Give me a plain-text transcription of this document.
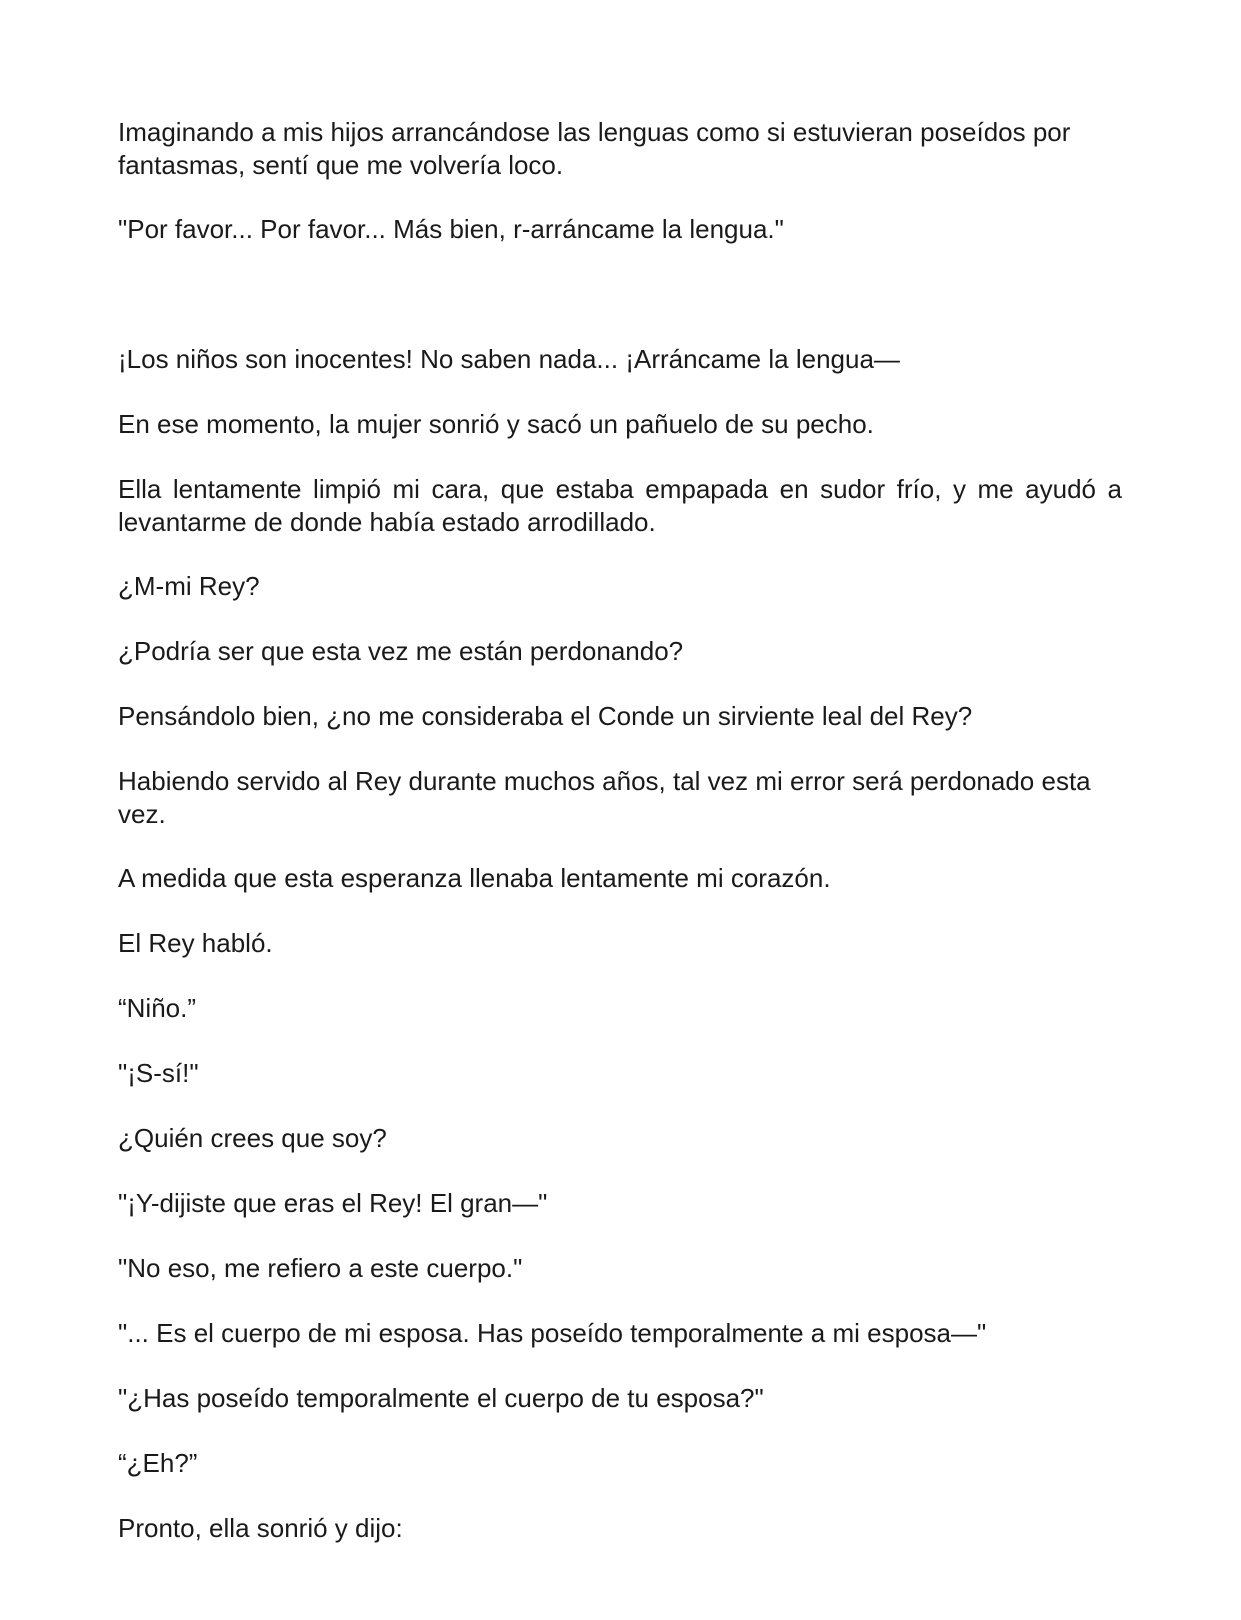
Imaginando a mis hijos arrancándose las lenguas como si estuvieran poseídos por fantasmas, sentí que me volvería loco.

"Por favor... Por favor... Más bien, r-arráncame la lengua."

¡Los niños son inocentes! No saben nada... ¡Arráncame la lengua—

En ese momento, la mujer sonrió y sacó un pañuelo de su pecho.

Ella lentamente limpió mi cara, que estaba empapada en sudor frío, y me ayudó a levantarme de donde había estado arrodillado.

¿M-mi Rey?

¿Podría ser que esta vez me están perdonando?

Pensándolo bien, ¿no me consideraba el Conde un sirviente leal del Rey?

Habiendo servido al Rey durante muchos años, tal vez mi error será perdonado esta vez.

A medida que esta esperanza llenaba lentamente mi corazón.

El Rey habló.

“Niño.”

"¡S-sí!"

¿Quién crees que soy?

"¡Y-dijiste que eras el Rey! El gran—"

"No eso, me refiero a este cuerpo."

"... Es el cuerpo de mi esposa. Has poseído temporalmente a mi esposa—"

"¿Has poseído temporalmente el cuerpo de tu esposa?"

“¿Eh?”

Pronto, ella sonrió y dijo:
